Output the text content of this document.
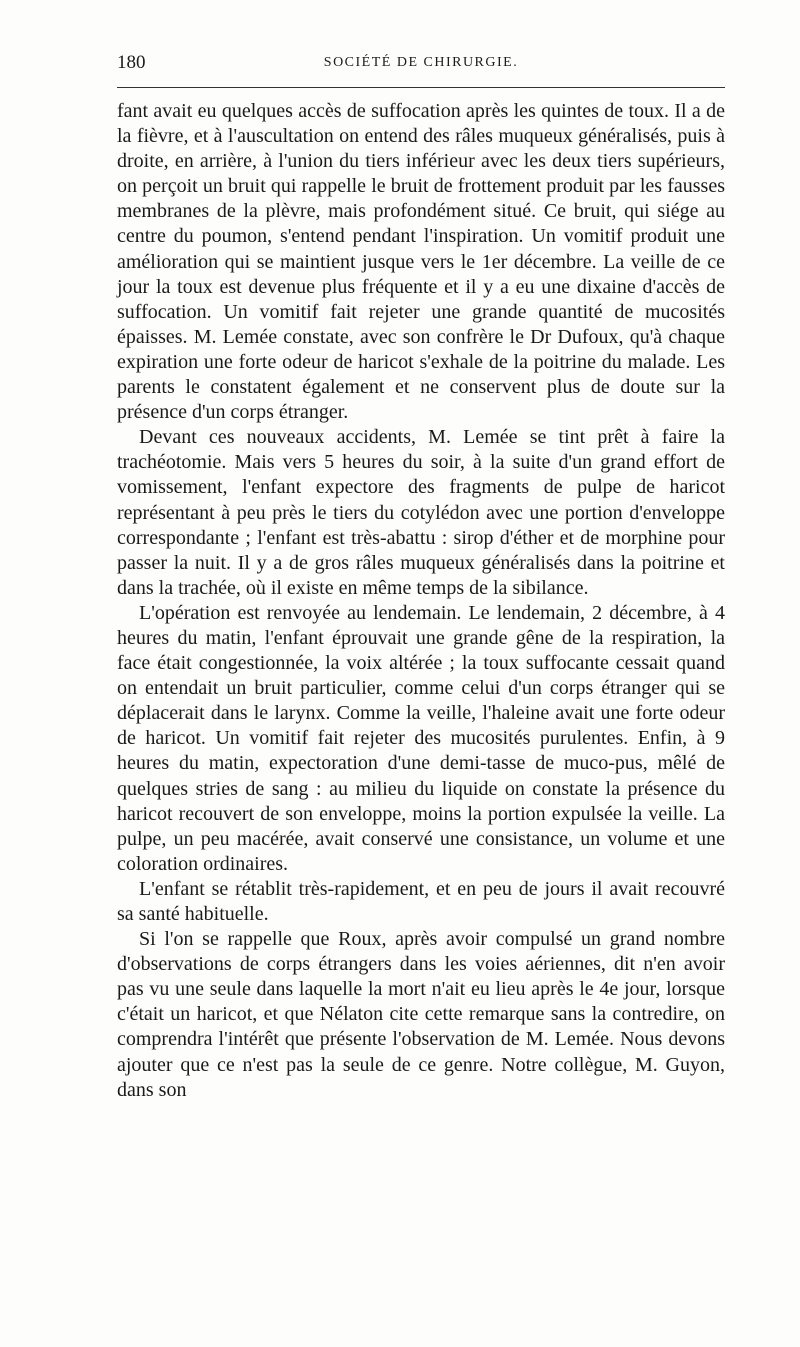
180	SOCIÉTÉ DE CHIRURGIE.

fant avait eu quelques accès de suffocation après les quintes de toux. Il a de la fièvre, et à l'auscultation on entend des râles muqueux généralisés, puis à droite, en arrière, à l'union du tiers inférieur avec les deux tiers supérieurs, on perçoit un bruit qui rappelle le bruit de frottement produit par les fausses membranes de la plèvre, mais profondément situé. Ce bruit, qui siége au centre du poumon, s'entend pendant l'inspiration. Un vomitif produit une amélioration qui se maintient jusque vers le 1er décembre. La veille de ce jour la toux est devenue plus fréquente et il y a eu une dixaine d'accès de suffocation. Un vomitif fait rejeter une grande quantité de mucosités épaisses. M. Lemée constate, avec son confrère le Dr Dufoux, qu'à chaque expiration une forte odeur de haricot s'exhale de la poitrine du malade. Les parents le constatent également et ne conservent plus de doute sur la présence d'un corps étranger.

Devant ces nouveaux accidents, M. Lemée se tint prêt à faire la trachéotomie. Mais vers 5 heures du soir, à la suite d'un grand effort de vomissement, l'enfant expectore des fragments de pulpe de haricot représentant à peu près le tiers du cotylédon avec une portion d'enveloppe correspondante ; l'enfant est très-abattu : sirop d'éther et de morphine pour passer la nuit. Il y a de gros râles muqueux généralisés dans la poitrine et dans la trachée, où il existe en même temps de la sibilance.

L'opération est renvoyée au lendemain. Le lendemain, 2 décembre, à 4 heures du matin, l'enfant éprouvait une grande gêne de la respiration, la face était congestionnée, la voix altérée ; la toux suffocante cessait quand on entendait un bruit particulier, comme celui d'un corps étranger qui se déplacerait dans le larynx. Comme la veille, l'haleine avait une forte odeur de haricot. Un vomitif fait rejeter des mucosités purulentes. Enfin, à 9 heures du matin, expectoration d'une demi-tasse de muco-pus, mêlé de quelques stries de sang : au milieu du liquide on constate la présence du haricot recouvert de son enveloppe, moins la portion expulsée la veille. La pulpe, un peu macérée, avait conservé une consistance, un volume et une coloration ordinaires.

L'enfant se rétablit très-rapidement, et en peu de jours il avait recouvré sa santé habituelle.

Si l'on se rappelle que Roux, après avoir compulsé un grand nombre d'observations de corps étrangers dans les voies aériennes, dit n'en avoir pas vu une seule dans laquelle la mort n'ait eu lieu après le 4e jour, lorsque c'était un haricot, et que Nélaton cite cette remarque sans la contredire, on comprendra l'intérêt que présente l'observation de M. Lemée. Nous devons ajouter que ce n'est pas la seule de ce genre. Notre collègue, M. Guyon, dans son
